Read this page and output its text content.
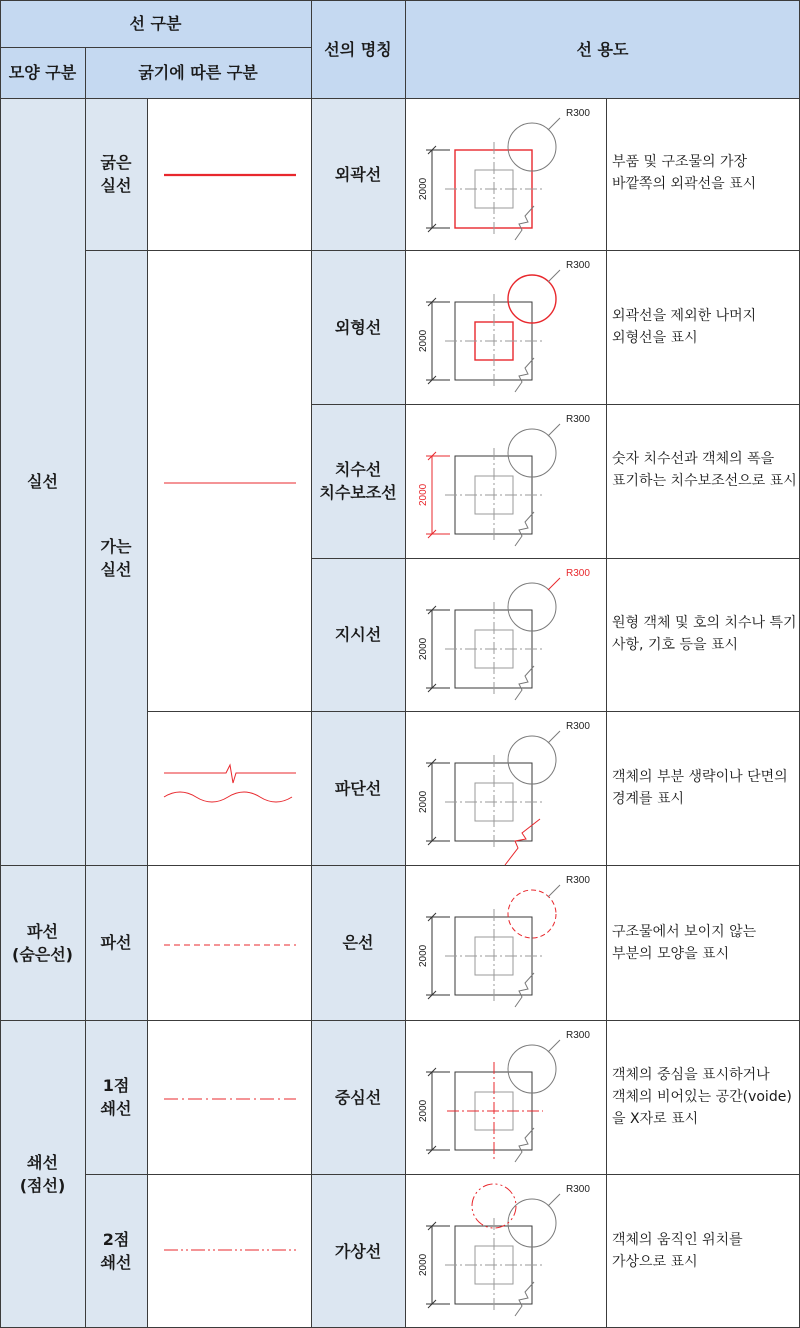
R300
2000
R300
2000
R300
2000
R300
2000
R300
2000
R300
2000
R300
2000
R300
2000
선 구분
모양 구분	굵기에 따른 구분
선의 명칭	선 용도
실선
파선
(숨은선)
쇄선
(점선)
굵은
실선
가는
실선
파선
1점
쇄선
2점
쇄선
외곽선
외형선
치수선
치수보조선
지시선
파단선
은선
중심선
가상선
부품 및 구조물의 가장 바깥쪽의 외곽선을 표시
외곽선을 제외한 나머지 외형선을 표시
숫자 치수선과 객체의 폭을 표기하는 치수보조선으로 표시
원형 객체 및 호의 치수나 특기 사항, 기호 등을 표시
객체의 부분 생략이나 단면의 경계를 표시
구조물에서 보이지 않는 부분의 모양을 표시
객체의 중심을 표시하거나 객체의 비어있는 공간(voide)을 X자로 표시
객체의 움직인 위치를 가상으로 표시
